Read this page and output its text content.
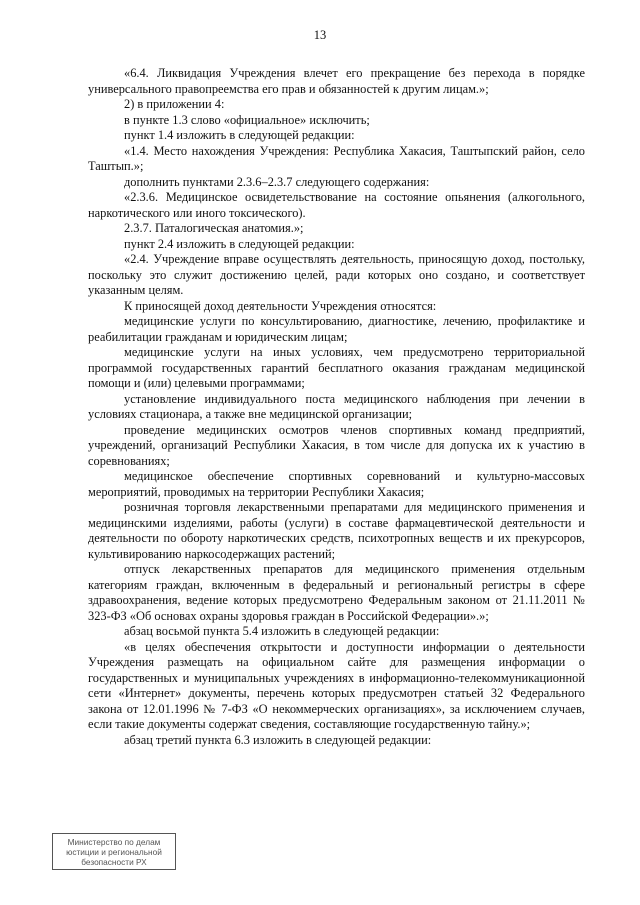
13

«6.4. Ликвидация Учреждения влечет его прекращение без перехода в порядке универсального правопреемства его прав и обязанностей к другим лицам.»;

2) в приложении 4:

в пункте 1.3 слово «официальное» исключить;

пункт 1.4 изложить в следующей редакции:

«1.4. Место нахождения Учреждения: Республика Хакасия, Таштыпский район, село Таштып.»;

дополнить пунктами 2.3.6–2.3.7 следующего содержания:

«2.3.6. Медицинское освидетельствование на состояние опьянения (алкогольного, наркотического или иного токсического).

2.3.7. Паталогическая анатомия.»;

пункт 2.4 изложить в следующей редакции:

«2.4. Учреждение вправе осуществлять деятельность, приносящую доход, постольку, поскольку это служит достижению целей, ради которых оно создано, и соответствует указанным целям.

К приносящей доход деятельности Учреждения относятся:

медицинские услуги по консультированию, диагностике, лечению, профилактике и реабилитации гражданам и юридическим лицам;

медицинские услуги на иных условиях, чем предусмотрено территориальной программой государственных гарантий бесплатного оказания гражданам медицинской помощи и (или) целевыми программами;

установление индивидуального поста медицинского наблюдения при лечении в условиях стационара, а также вне медицинской организации;

проведение медицинских осмотров членов спортивных команд предприятий, учреждений, организаций Республики Хакасия, в том числе для допуска их к участию в соревнованиях;

медицинское обеспечение спортивных соревнований и культурно-массовых мероприятий, проводимых на территории Республики Хакасия;

розничная торговля лекарственными препаратами для медицинского применения и медицинскими изделиями, работы (услуги) в составе фармацевтической деятельности и деятельности по обороту наркотических средств, психотропных веществ и их прекурсоров, культивированию наркосодержащих растений;

отпуск лекарственных препаратов для медицинского применения отдельным категориям граждан, включенным в федеральный и региональный регистры в сфере здравоохранения, ведение которых предусмотрено Федеральным законом от 21.11.2011 № 323-ФЗ «Об основах охраны здоровья граждан в Российской Федерации».»;

абзац восьмой пункта 5.4 изложить в следующей редакции:

«в целях обеспечения открытости и доступности информации о деятельности Учреждения размещать на официальном сайте для размещения информации о государственных и муниципальных учреждениях в информационно-телекоммуникационной сети «Интернет» документы, перечень которых предусмотрен статьей 32 Федерального закона от 12.01.1996 № 7-ФЗ «О некоммерческих организациях», за исключением случаев, если такие документы содержат сведения, составляющие государственную тайну.»;

абзац третий пункта 6.3 изложить в следующей редакции:

Министерство по делам
юстиции и региональной
безопасности РХ
